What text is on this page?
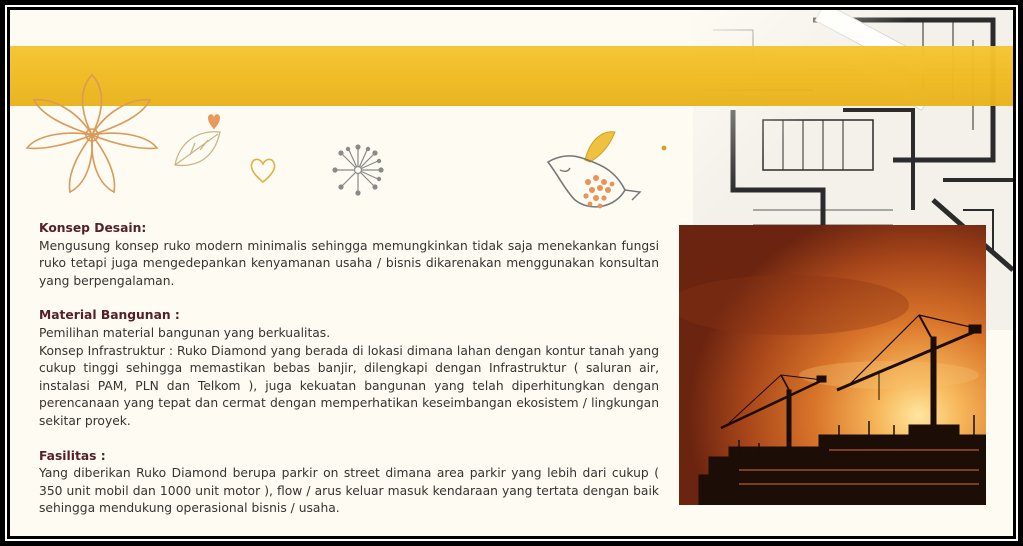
Konsep Desain:
Mengusung konsep ruko modern minimalis sehingga memungkinkan tidak saja menekankan fungsi ruko tetapi juga mengedepankan kenyamanan usaha / bisnis dikarenakan menggunakan konsultan yang berpengalaman.
Material Bangunan :
Pemilihan material bangunan yang berkualitas.
Konsep Infrastruktur : Ruko Diamond yang berada di lokasi dimana lahan dengan kontur tanah yang cukup tinggi sehingga memastikan bebas banjir, dilengkapi dengan Infrastruktur ( saluran air, instalasi PAM, PLN dan Telkom ), juga kekuatan bangunan yang telah diperhitungkan dengan perencanaan yang tepat dan cermat dengan memperhatikan keseimbangan ekosistem / lingkungan sekitar proyek.
Fasilitas :
Yang diberikan Ruko Diamond berupa parkir on street dimana area parkir yang lebih dari cukup ( 350 unit mobil dan 1000 unit motor ), flow / arus keluar masuk kendaraan yang tertata dengan baik sehingga mendukung operasional bisnis / usaha.
